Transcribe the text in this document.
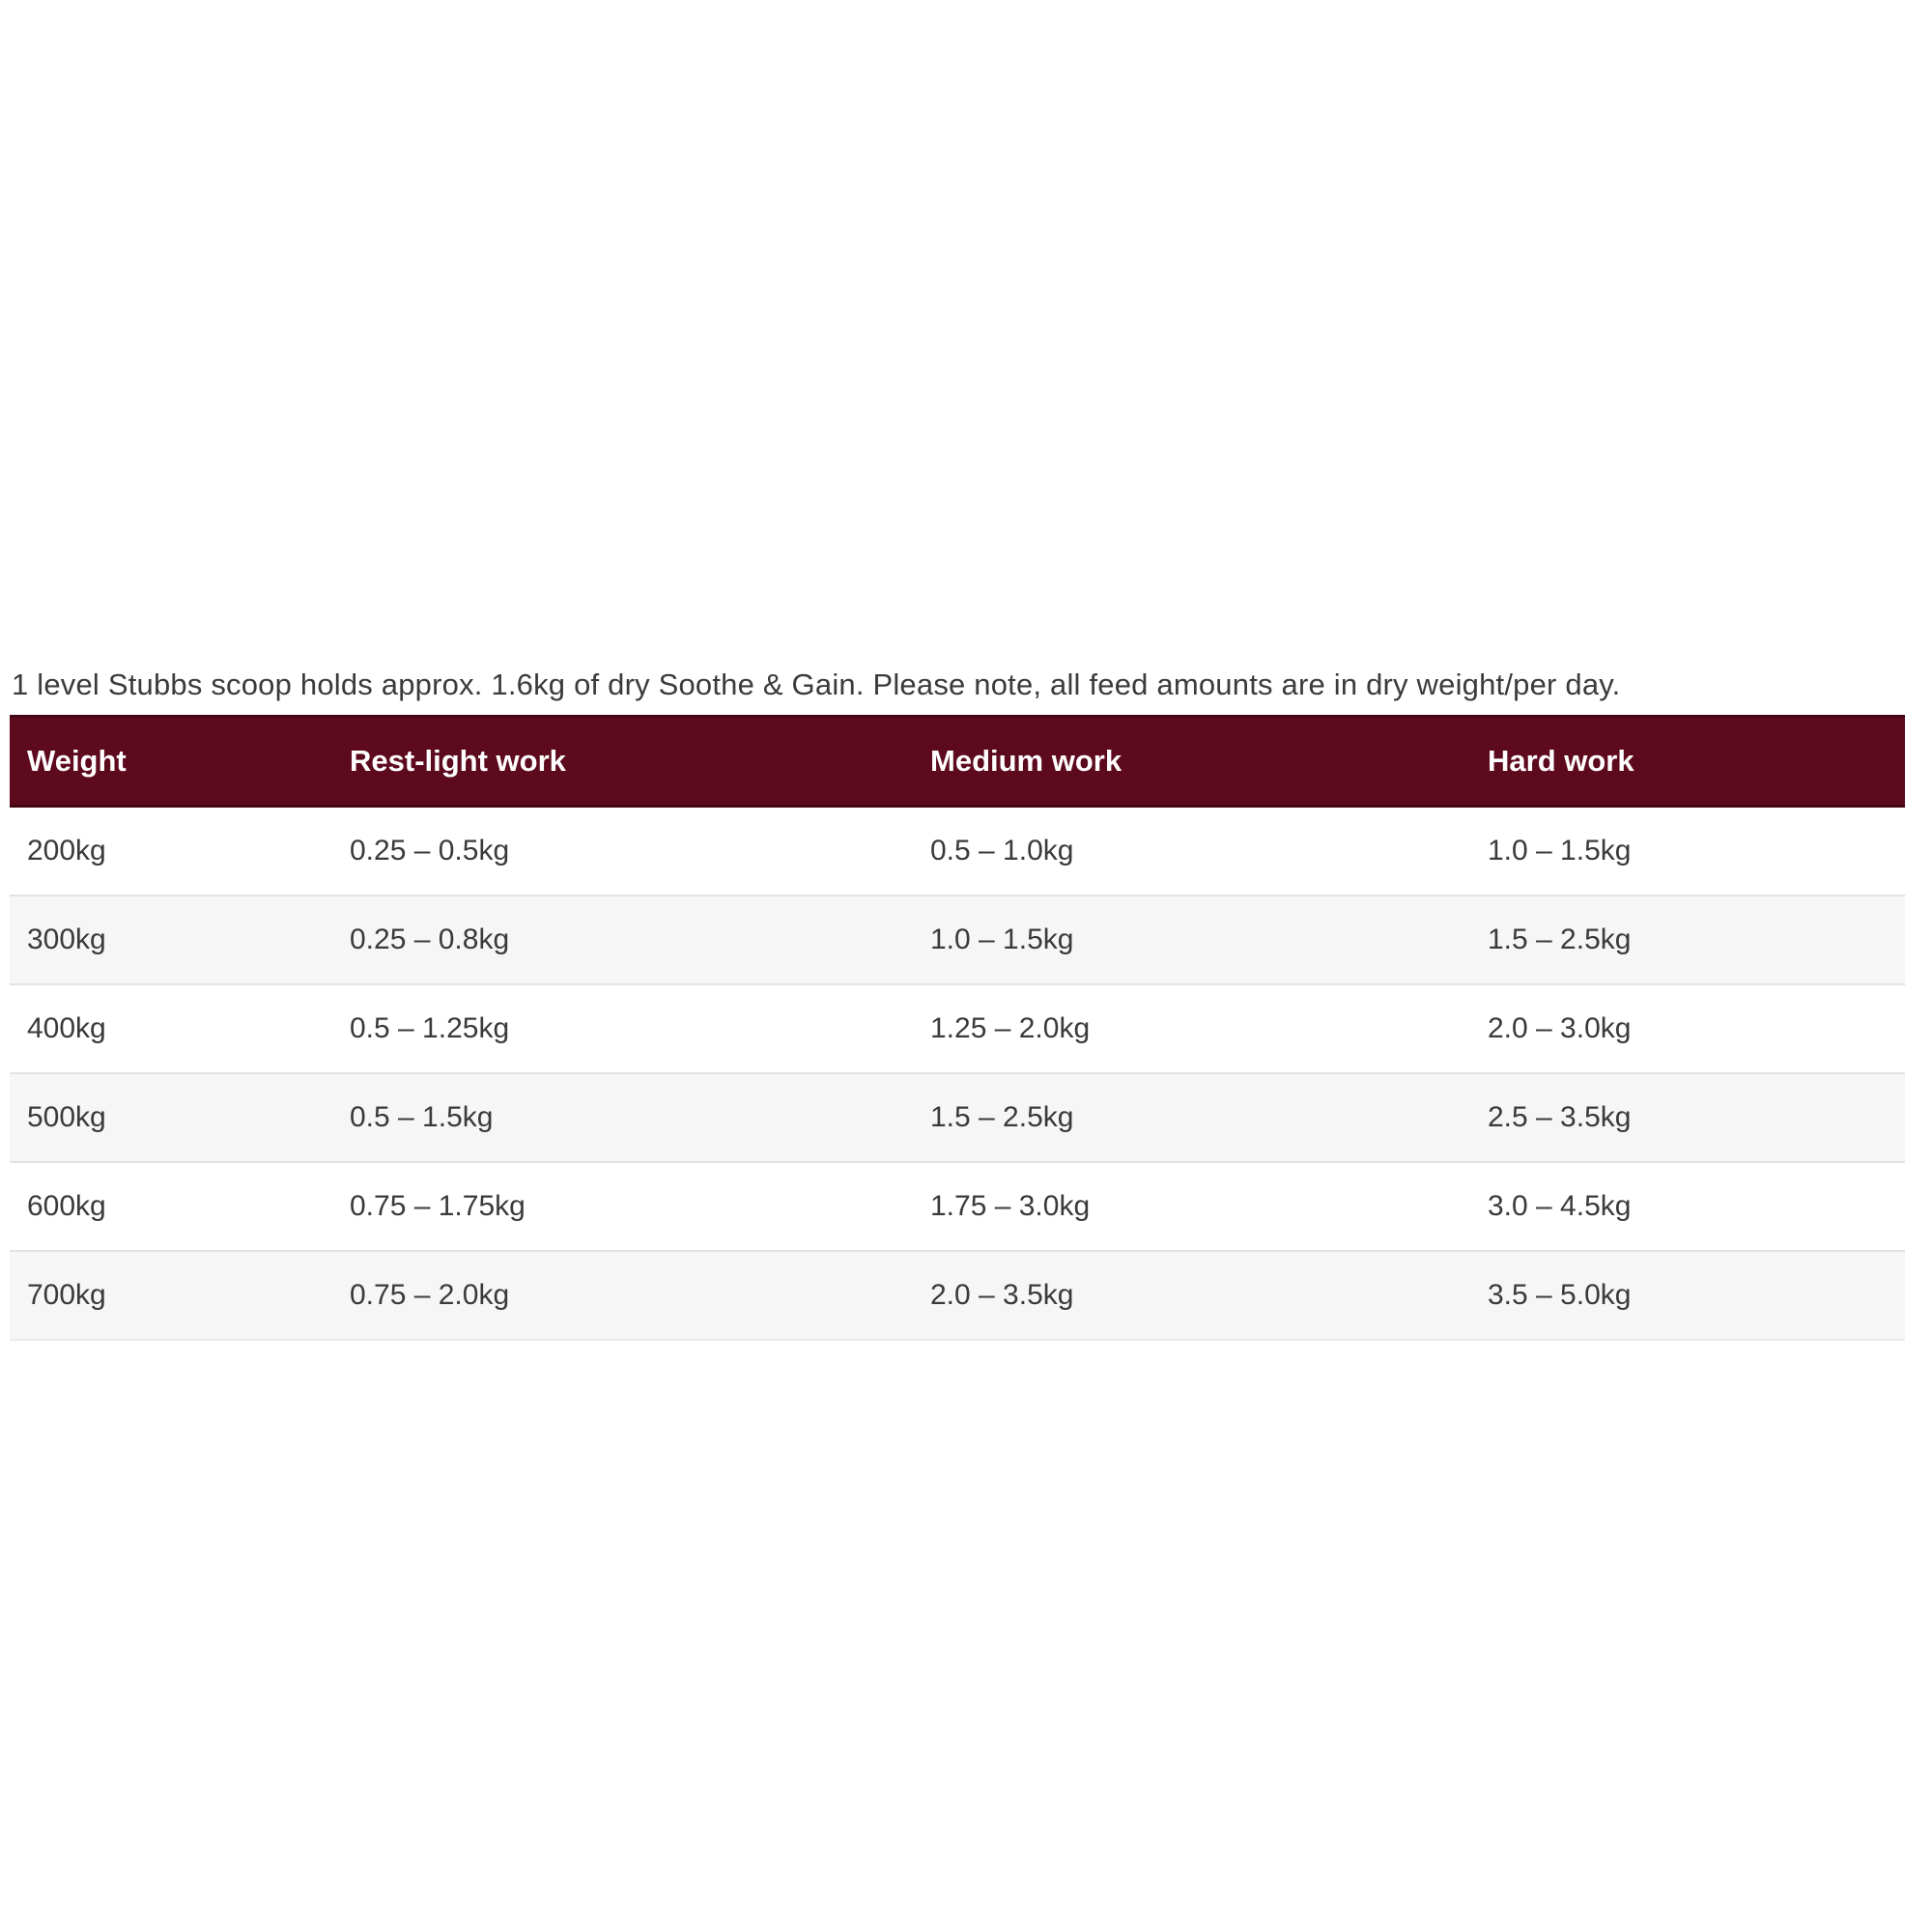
1 level Stubbs scoop holds approx. 1.6kg of dry Soothe & Gain. Please note, all feed amounts are in dry weight/per day.

Weight	Rest-light work	Medium work	Hard work
200kg	0.25 – 0.5kg	0.5 – 1.0kg	1.0 – 1.5kg
300kg	0.25 – 0.8kg	1.0 – 1.5kg	1.5 – 2.5kg
400kg	0.5 – 1.25kg	1.25 – 2.0kg	2.0 – 3.0kg
500kg	0.5 – 1.5kg	1.5 – 2.5kg	2.5 – 3.5kg
600kg	0.75 – 1.75kg	1.75 – 3.0kg	3.0 – 4.5kg
700kg	0.75 – 2.0kg	2.0 – 3.5kg	3.5 – 5.0kg
